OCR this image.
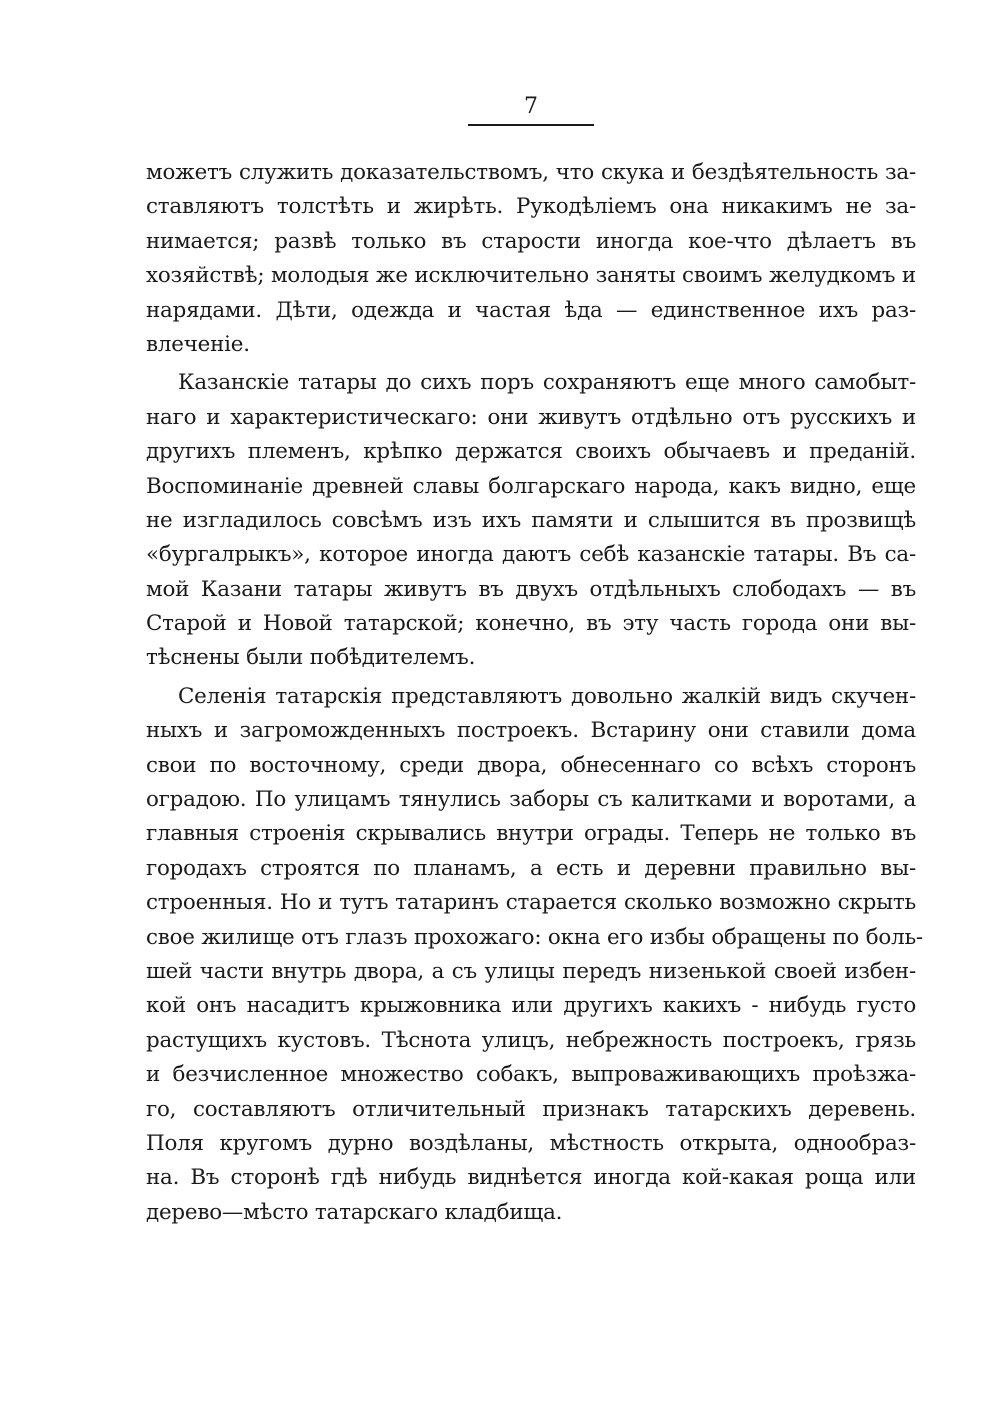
7
можетъ служить доказательствомъ, что скука и бездѣятельность за-
ставляютъ толстѣть и жирѣть. Рукодѣліемъ она никакимъ не за-
нимается; развѣ только въ старости иногда кое-что дѣлаетъ въ
хозяйствѣ; молодыя же исключительно заняты своимъ желудкомъ и
нарядами. Дѣти, одежда и частая ѣда — единственное ихъ раз-
влеченіе.
Казанскіе татары до сихъ поръ сохраняютъ еще много самобыт-
наго и характеристическаго: они живутъ отдѣльно отъ русскихъ и
другихъ племенъ, крѣпко держатся своихъ обычаевъ и преданій.
Воспоминаніе древней славы болгарскаго народа, какъ видно, еще
не изгладилось совсѣмъ изъ ихъ памяти и слышится въ прозвищѣ
«бургалрыкъ», которое иногда даютъ себѣ казанскіе татары. Въ са-
мой Казани татары живутъ въ двухъ отдѣльныхъ слободахъ — въ
Старой и Новой татарской; конечно, въ эту часть города они вы-
тѣснены были побѣдителемъ.
Селенія татарскія представляютъ довольно жалкій видъ скучен-
ныхъ и загроможденныхъ построекъ. Встарину они ставили дома
свои по восточному, среди двора, обнесеннаго со всѣхъ сторонъ
оградою. По улицамъ тянулись заборы съ калитками и воротами, а
главныя строенія скрывались внутри ограды. Теперь не только въ
городахъ строятся по планамъ, а есть и деревни правильно вы-
строенныя. Но и тутъ татаринъ старается сколько возможно скрыть
свое жилище отъ глазъ прохожаго: окна его избы обращены по боль-
шей части внутрь двора, а съ улицы передъ низенькой своей избен-
кой онъ насадитъ крыжовника или другихъ какихъ - нибудь густо
растущихъ кустовъ. Тѣснота улицъ, небрежность построекъ, грязь
и безчисленное множество собакъ, выпроваживающихъ проѣзжа-
го, составляютъ отличительный признакъ татарскихъ деревень.
Поля кругомъ дурно воздѣланы, мѣстность открыта, однообраз-
на. Въ сторонѣ гдѣ нибудь виднѣется иногда кой-какая роща или
дерево—мѣсто татарскаго кладбища.
